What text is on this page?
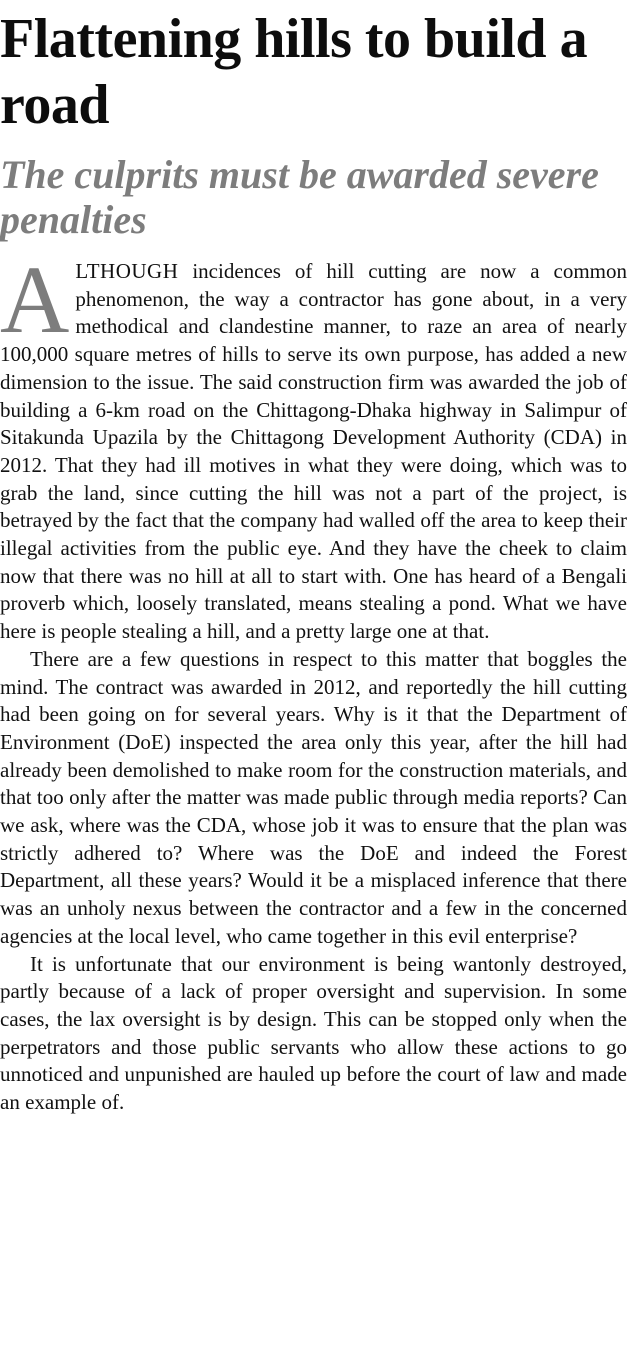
Flattening hills to build a road
The culprits must be awarded severe penalties

ALTHOUGH incidences of hill cutting are now a common phenomenon, the way a contractor has gone about, in a very methodical and clandestine manner, to raze an area of nearly 100,000 square metres of hills to serve its own purpose, has added a new dimension to the issue. The said construction firm was awarded the job of building a 6-km road on the Chittagong-Dhaka highway in Salimpur of Sitakunda Upazila by the Chittagong Development Authority (CDA) in 2012. That they had ill motives in what they were doing, which was to grab the land, since cutting the hill was not a part of the project, is betrayed by the fact that the company had walled off the area to keep their illegal activities from the public eye. And they have the cheek to claim now that there was no hill at all to start with. One has heard of a Bengali proverb which, loosely translated, means stealing a pond. What we have here is people stealing a hill, and a pretty large one at that.

There are a few questions in respect to this matter that boggles the mind. The contract was awarded in 2012, and reportedly the hill cutting had been going on for several years. Why is it that the Department of Environment (DoE) inspected the area only this year, after the hill had already been demolished to make room for the construction materials, and that too only after the matter was made public through media reports? Can we ask, where was the CDA, whose job it was to ensure that the plan was strictly adhered to? Where was the DoE and indeed the Forest Department, all these years? Would it be a misplaced inference that there was an unholy nexus between the contractor and a few in the concerned agencies at the local level, who came together in this evil enterprise?

It is unfortunate that our environment is being wantonly destroyed, partly because of a lack of proper oversight and supervision. In some cases, the lax oversight is by design. This can be stopped only when the perpetrators and those public servants who allow these actions to go unnoticed and unpunished are hauled up before the court of law and made an example of.
